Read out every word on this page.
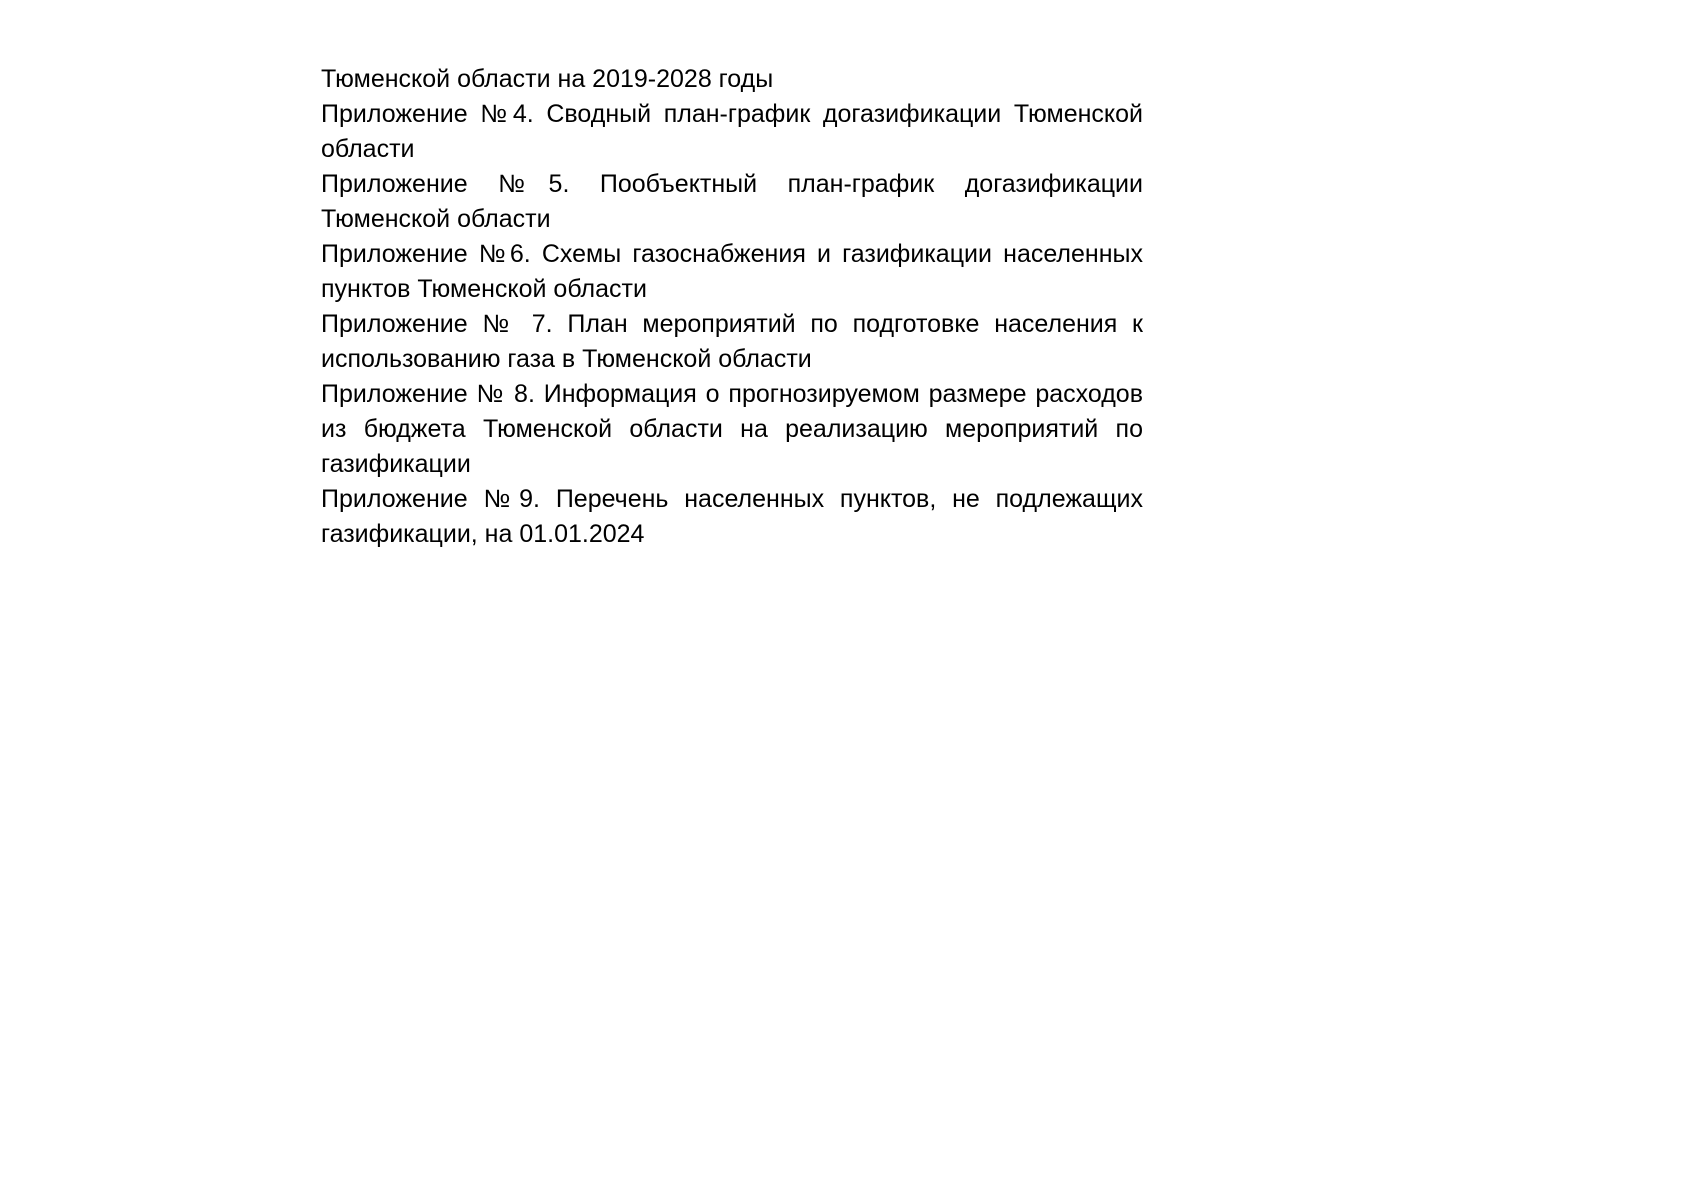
Тюменской области на 2019-2028 годы

Приложение №4. Сводный план-график догазификации Тюменской области

Приложение №5. Пообъектный план-график догазификации Тюменской области

Приложение №6. Схемы газоснабжения и газификации населенных пунктов Тюменской области

Приложение № 7. План мероприятий по подготовке населения к использованию газа в Тюменской области

Приложение № 8. Информация о прогнозируемом размере расходов из бюджета Тюменской области на реализацию мероприятий по газификации

Приложение №9. Перечень населенных пунктов, не подлежащих газификации, на 01.01.2024
